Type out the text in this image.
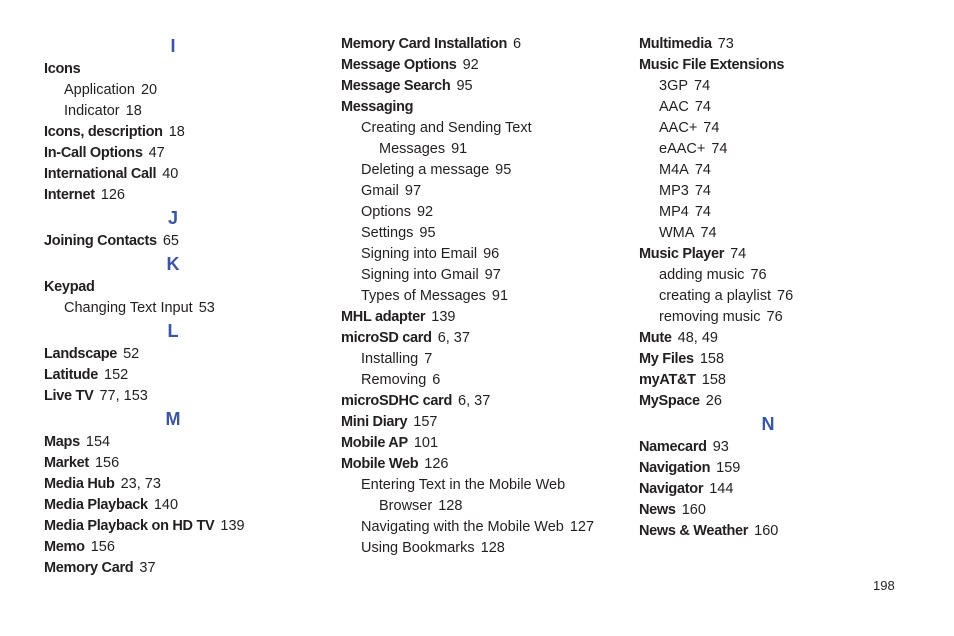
I
Icons
Application 20
Indicator 18
Icons, description 18
In-Call Options 47
International Call 40
Internet 126
J
Joining Contacts 65
K
Keypad
Changing Text Input 53
L
Landscape 52
Latitude 152
Live TV 77, 153
M
Maps 154
Market 156
Media Hub 23, 73
Media Playback 140
Media Playback on HD TV 139
Memo 156
Memory Card 37
Memory Card Installation 6
Message Options 92
Message Search 95
Messaging
Creating and Sending Text
Messages 91
Deleting a message 95
Gmail 97
Options 92
Settings 95
Signing into Email 96
Signing into Gmail 97
Types of Messages 91
MHL adapter 139
microSD card 6, 37
Installing 7
Removing 6
microSDHC card 6, 37
Mini Diary 157
Mobile AP 101
Mobile Web 126
Entering Text in the Mobile Web
Browser 128
Navigating with the Mobile Web 127
Using Bookmarks 128
Multimedia 73
Music File Extensions
3GP 74
AAC 74
AAC+ 74
eAAC+ 74
M4A 74
MP3 74
MP4 74
WMA 74
Music Player 74
adding music 76
creating a playlist 76
removing music 76
Mute 48, 49
My Files 158
myAT&T 158
MySpace 26
N
Namecard 93
Navigation 159
Navigator 144
News 160
News & Weather 160
198
